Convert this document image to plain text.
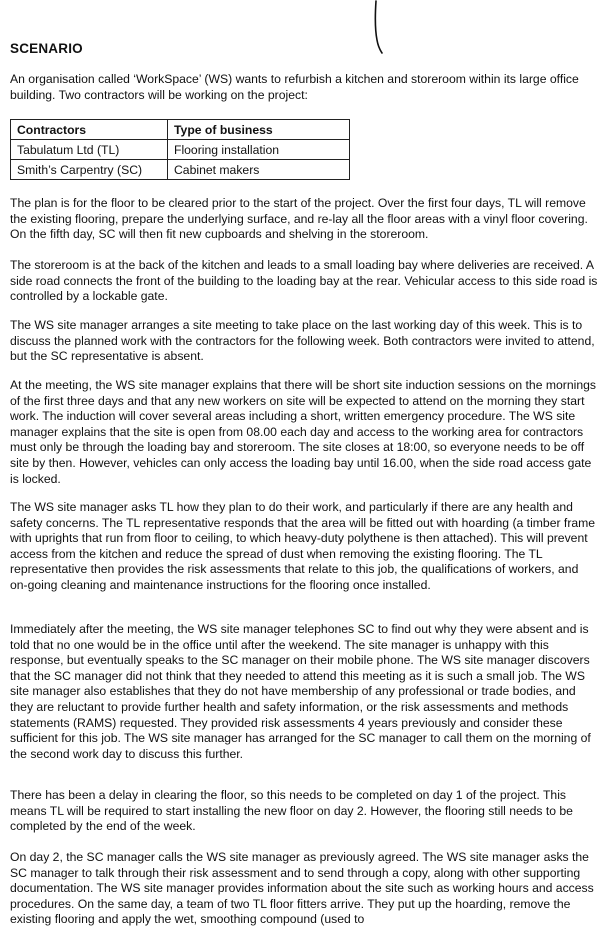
SCENARIO

An organisation called ‘WorkSpace’ (WS) wants to refurbish a kitchen and storeroom within its large office building. Two contractors will be working on the project:

Contractors	Type of business
Tabulatum Ltd (TL)	Flooring installation
Smith’s Carpentry (SC)	Cabinet makers

The plan is for the floor to be cleared prior to the start of the project. Over the first four days, TL will remove the existing flooring, prepare the underlying surface, and re-lay all the floor areas with a vinyl floor covering. On the fifth day, SC will then fit new cupboards and shelving in the storeroom.

The storeroom is at the back of the kitchen and leads to a small loading bay where deliveries are received. A side road connects the front of the building to the loading bay at the rear. Vehicular access to this side road is controlled by a lockable gate.

The WS site manager arranges a site meeting to take place on the last working day of this week. This is to discuss the planned work with the contractors for the following week. Both contractors were invited to attend, but the SC representative is absent.

At the meeting, the WS site manager explains that there will be short site induction sessions on the mornings of the first three days and that any new workers on site will be expected to attend on the morning they start work. The induction will cover several areas including a short, written emergency procedure. The WS site manager explains that the site is open from 08.00 each day and access to the working area for contractors must only be through the loading bay and storeroom. The site closes at 18:00, so everyone needs to be off site by then. However, vehicles can only access the loading bay until 16.00, when the side road access gate is locked.

The WS site manager asks TL how they plan to do their work, and particularly if there are any health and safety concerns. The TL representative responds that the area will be fitted out with hoarding (a timber frame with uprights that run from floor to ceiling, to which heavy-duty polythene is then attached). This will prevent access from the kitchen and reduce the spread of dust when removing the existing flooring. The TL representative then provides the risk assessments that relate to this job, the qualifications of workers, and on-going cleaning and maintenance instructions for the flooring once installed.

Immediately after the meeting, the WS site manager telephones SC to find out why they were absent and is told that no one would be in the office until after the weekend. The site manager is unhappy with this response, but eventually speaks to the SC manager on their mobile phone. The WS site manager discovers that the SC manager did not think that they needed to attend this meeting as it is such a small job. The WS site manager also establishes that they do not have membership of any professional or trade bodies, and they are reluctant to provide further health and safety information, or the risk assessments and methods statements (RAMS) requested. They provided risk assessments 4 years previously and consider these sufficient for this job. The WS site manager has arranged for the SC manager to call them on the morning of the second work day to discuss this further.

There has been a delay in clearing the floor, so this needs to be completed on day 1 of the project. This means TL will be required to start installing the new floor on day 2. However, the flooring still needs to be completed by the end of the week.

On day 2, the SC manager calls the WS site manager as previously agreed. The WS site manager asks the SC manager to talk through their risk assessment and to send through a copy, along with other supporting documentation. The WS site manager provides information about the site such as working hours and access procedures. On the same day, a team of two TL floor fitters arrive. They put up the hoarding, remove the existing flooring and apply the wet, smoothing compound (used to
